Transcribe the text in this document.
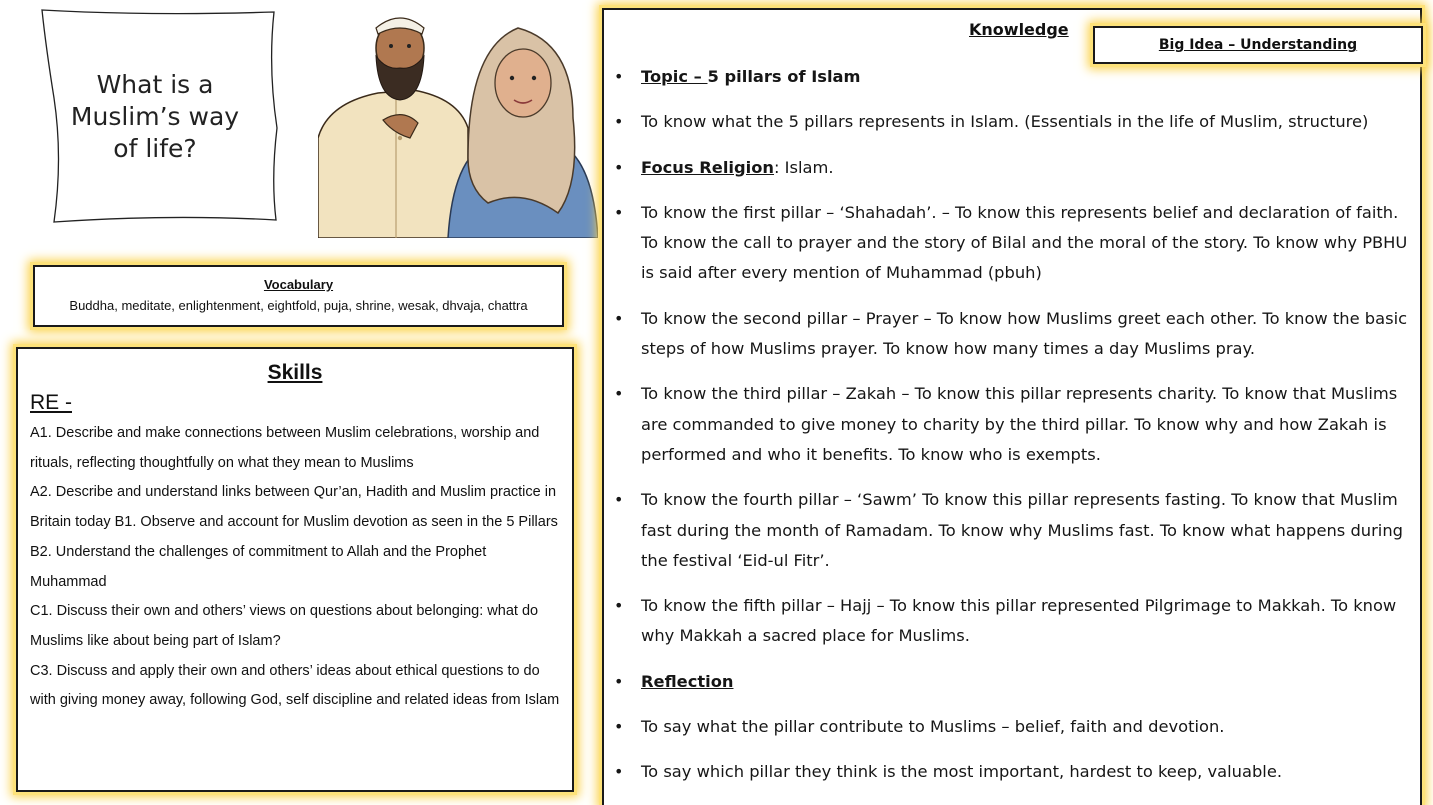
What is a Muslim’s way of life?
Vocabulary
Buddha, meditate, enlightenment, eightfold, puja, shrine, wesak, dhvaja, chattra
Skills
RE -

A1. Describe and make connections between Muslim celebrations, worship and rituals, reflecting thoughtfully on what they mean to Muslims

A2. Describe and understand links between Qur’an, Hadith and Muslim practice in Britain today B1. Observe and account for Muslim devotion as seen in the 5 Pillars

B2. Understand the challenges of commitment to Allah and the Prophet Muhammad

C1. Discuss their own and others’ views on questions about belonging: what do Muslims like about being part of Islam?

C3. Discuss and apply their own and others’ ideas about ethical questions to do with giving money away, following God, self discipline and related ideas from Islam

Knowledge
Big Idea – Understanding
• Topic – 5 pillars of Islam
• To know what the 5 pillars represents in Islam. (Essentials in the life of Muslim, structure)
• Focus Religion: Islam.
• To know the first pillar – ‘Shahadah’. – To know this represents belief and declaration of faith. To know the call to prayer and the story of Bilal and the moral of the story. To know why PBHU is said after every mention of Muhammad (pbuh)
• To know the second pillar – Prayer – To know how Muslims greet each other. To know the basic steps of how Muslims prayer. To know how many times a day Muslims pray.
• To know the third pillar – Zakah – To know this pillar represents charity. To know that Muslims are commanded to give money to charity by the third pillar. To know why and how Zakah is performed and who it benefits. To know who is exempts.
• To know the fourth pillar – ‘Sawm’ To know this pillar represents fasting. To know that Muslim fast during the month of Ramadam. To know why Muslims fast. To know what happens during the festival ‘Eid-ul Fitr’.
• To know the fifth pillar – Hajj – To know this pillar represented Pilgrimage to Makkah. To know why Makkah a sacred place for Muslims.
• Reflection
• To say what the pillar contribute to Muslims – belief, faith and devotion.
• To say which pillar they think is the most important, hardest to keep, valuable.
